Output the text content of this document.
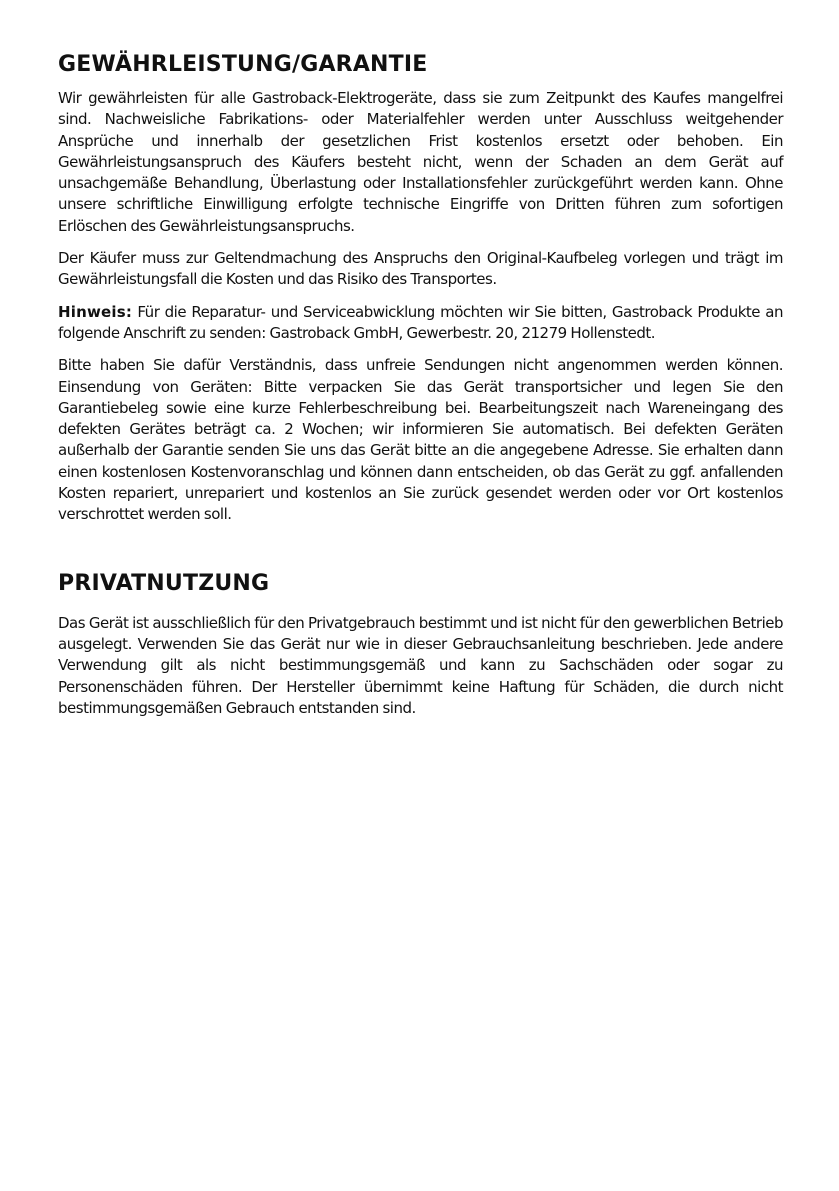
GEWÄHRLEISTUNG/GARANTIE

Wir gewährleisten für alle Gastroback-Elektrogeräte, dass sie zum Zeitpunkt des Kaufes mangelfrei sind. Nachweisliche Fabrikations- oder Materialfehler werden unter Ausschluss weitgehender Ansprüche und innerhalb der gesetzlichen Frist kostenlos ersetzt oder behoben. Ein Gewährleistungsanspruch des Käufers besteht nicht, wenn der Schaden an dem Gerät auf unsachgemäße Behandlung, Überlastung oder Installationsfehler zurückgeführt werden kann. Ohne unsere schriftliche Einwilligung erfolgte technische Eingriffe von Dritten führen zum sofortigen Erlöschen des Gewährleistungsanspruchs.

Der Käufer muss zur Geltendmachung des Anspruchs den Original-Kaufbeleg vorlegen und trägt im Gewährleistungsfall die Kosten und das Risiko des Transportes.

Hinweis: Für die Reparatur- und Serviceabwicklung möchten wir Sie bitten, Gastroback Produkte an folgende Anschrift zu senden: Gastroback GmbH, Gewerbestr. 20, 21279 Hollenstedt.

Bitte haben Sie dafür Verständnis, dass unfreie Sendungen nicht angenommen werden können. Einsendung von Geräten: Bitte verpacken Sie das Gerät transportsicher und legen Sie den Garantiebeleg sowie eine kurze Fehlerbeschreibung bei. Bearbeitungszeit nach Wareneingang des defekten Gerätes beträgt ca. 2 Wochen; wir informieren Sie automatisch. Bei defekten Geräten außerhalb der Garantie senden Sie uns das Gerät bitte an die angegebene Adresse. Sie erhalten dann einen kostenlosen Kostenvoranschlag und können dann entscheiden, ob das Gerät zu ggf. anfallenden Kosten repariert, unrepariert und kostenlos an Sie zurück gesendet werden oder vor Ort kostenlos verschrottet werden soll.

PRIVATNUTZUNG

Das Gerät ist ausschließlich für den Privatgebrauch bestimmt und ist nicht für den gewerblichen Betrieb ausgelegt. Verwenden Sie das Gerät nur wie in dieser Gebrauchsanleitung beschrieben. Jede andere Verwendung gilt als nicht bestimmungsgemäß und kann zu Sachschäden oder sogar zu Personenschäden führen. Der Hersteller übernimmt keine Haftung für Schäden, die durch nicht bestimmungsgemäßen Gebrauch entstanden sind.
